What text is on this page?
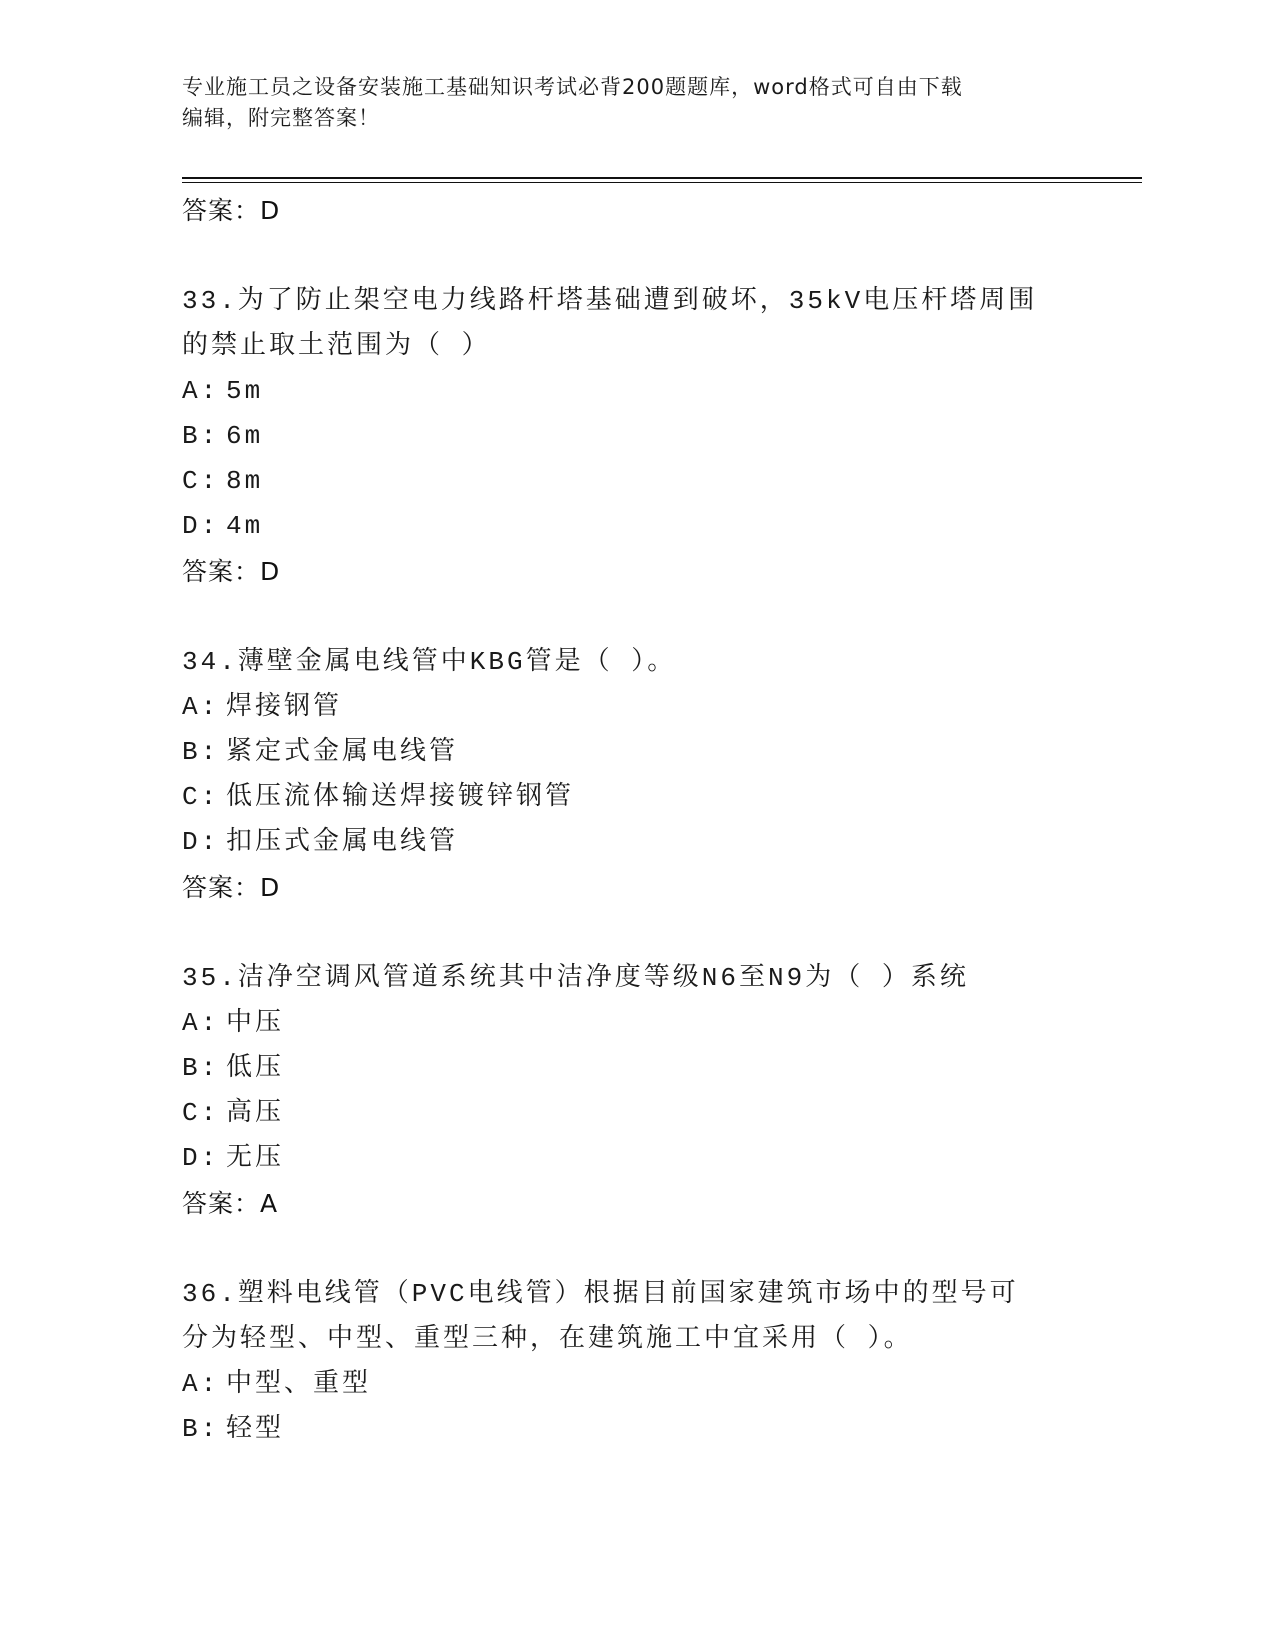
专业施工员之设备安装施工基础知识考试必背200题题库，word格式可自由下载
编辑，附完整答案！
答案：D
33.为了防止架空电力线路杆塔基础遭到破坏，35kV电压杆塔周围的禁止取土范围为（ ）
A: 5m
B: 6m
C: 8m
D: 4m
答案：D
34.薄壁金属电线管中KBG管是（ ）。
A: 焊接钢管
B: 紧定式金属电线管
C: 低压流体输送焊接镀锌钢管
D: 扣压式金属电线管
答案：D
35.洁净空调风管道系统其中洁净度等级N6至N9为（ ）系统
A: 中压
B: 低压
C: 高压
D: 无压
答案：A
36.塑料电线管（PVC电线管）根据目前国家建筑市场中的型号可分为轻型、中型、重型三种，在建筑施工中宜采用（ ）。
A: 中型、重型
B: 轻型
